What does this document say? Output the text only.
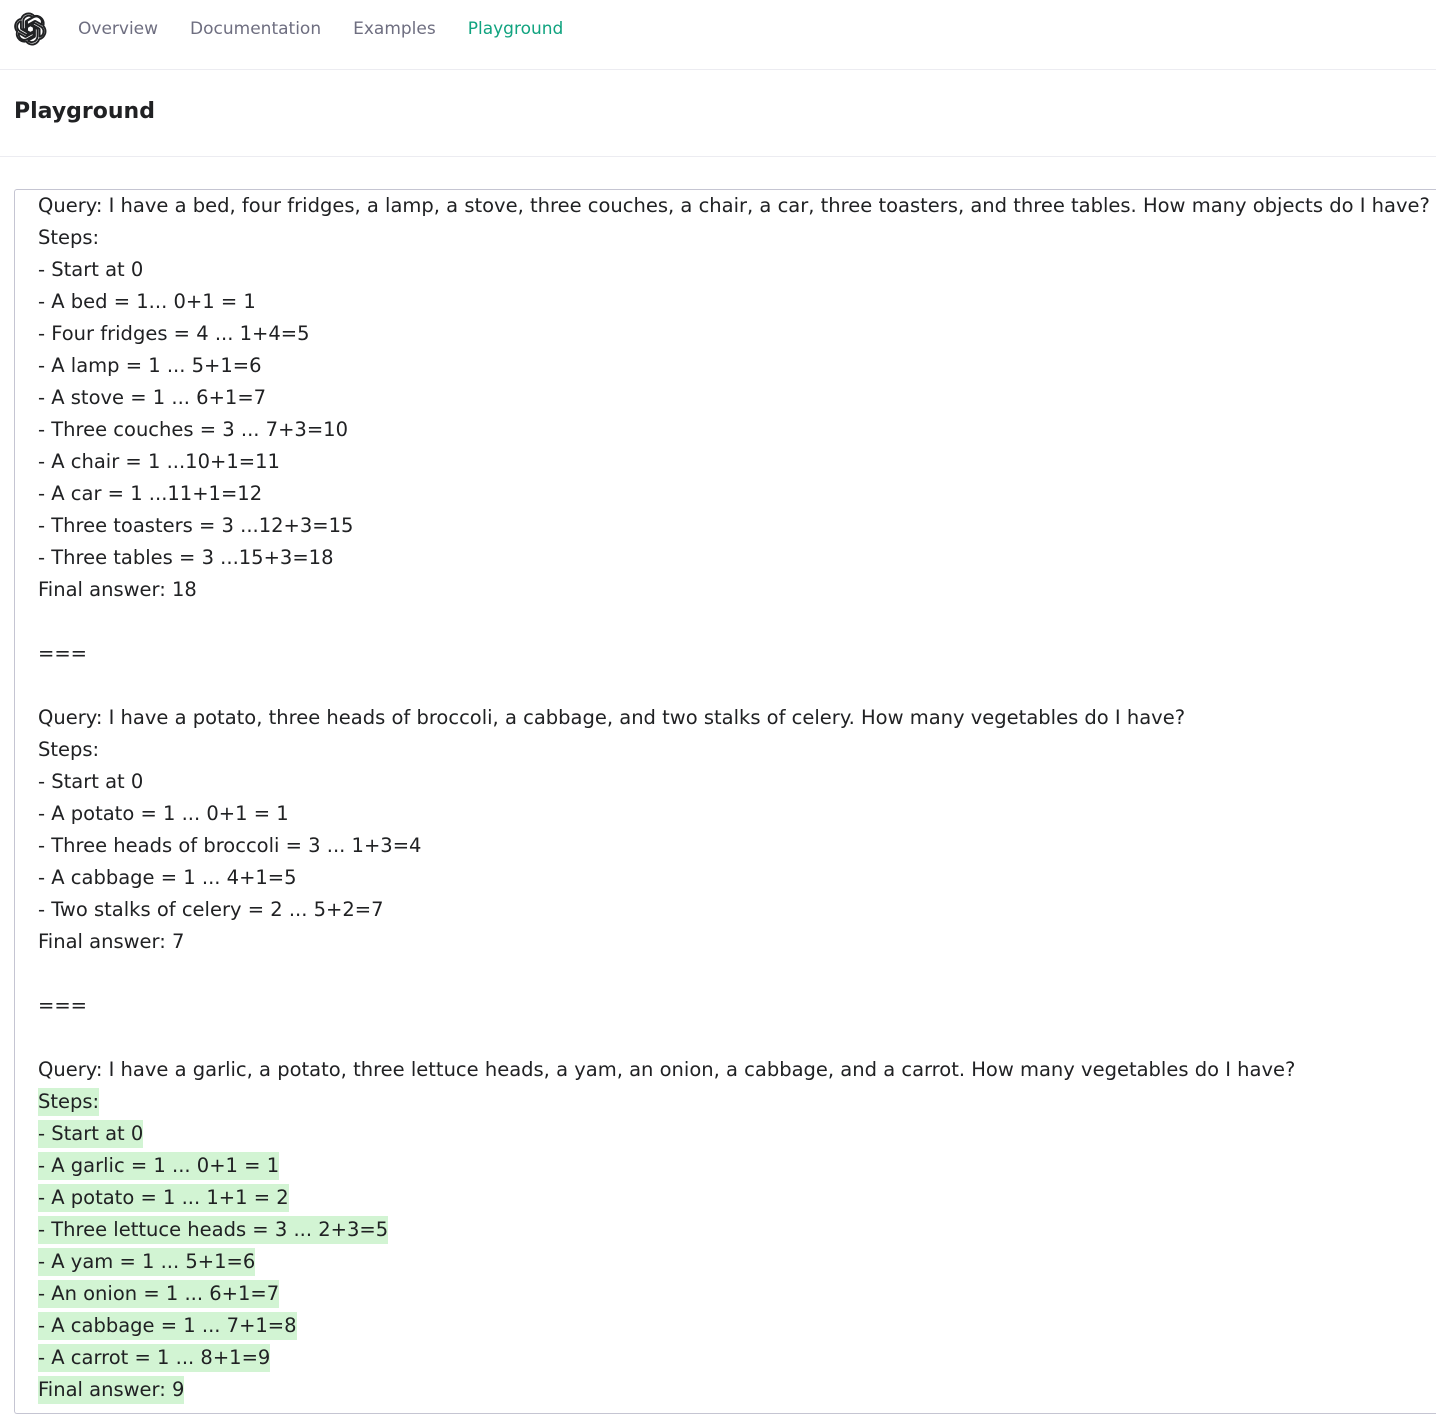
Overview Documentation Examples Playground
Playground
Query: I have a bed, four fridges, a lamp, a stove, three couches, a chair, a car, three toasters, and three tables. How many objects do I have?
Steps:
- Start at 0
- A bed = 1... 0+1 = 1
- Four fridges = 4 ... 1+4=5
- A lamp = 1 ... 5+1=6
- A stove = 1 ... 6+1=7
- Three couches = 3 ... 7+3=10
- A chair = 1 ...10+1=11
- A car = 1 ...11+1=12
- Three toasters = 3 ...12+3=15
- Three tables = 3 ...15+3=18
Final answer: 18

===

Query: I have a potato, three heads of broccoli, a cabbage, and two stalks of celery. How many vegetables do I have?
Steps:
- Start at 0
- A potato = 1 ... 0+1 = 1
- Three heads of broccoli = 3 ... 1+3=4
- A cabbage = 1 ... 4+1=5
- Two stalks of celery = 2 ... 5+2=7
Final answer: 7

===

Query: I have a garlic, a potato, three lettuce heads, a yam, an onion, a cabbage, and a carrot. How many vegetables do I have?
Steps:
- Start at 0
- A garlic = 1 ... 0+1 = 1
- A potato = 1 ... 1+1 = 2
- Three lettuce heads = 3 ... 2+3=5
- A yam = 1 ... 5+1=6
- An onion = 1 ... 6+1=7
- A cabbage = 1 ... 7+1=8
- A carrot = 1 ... 8+1=9
Final answer: 9
